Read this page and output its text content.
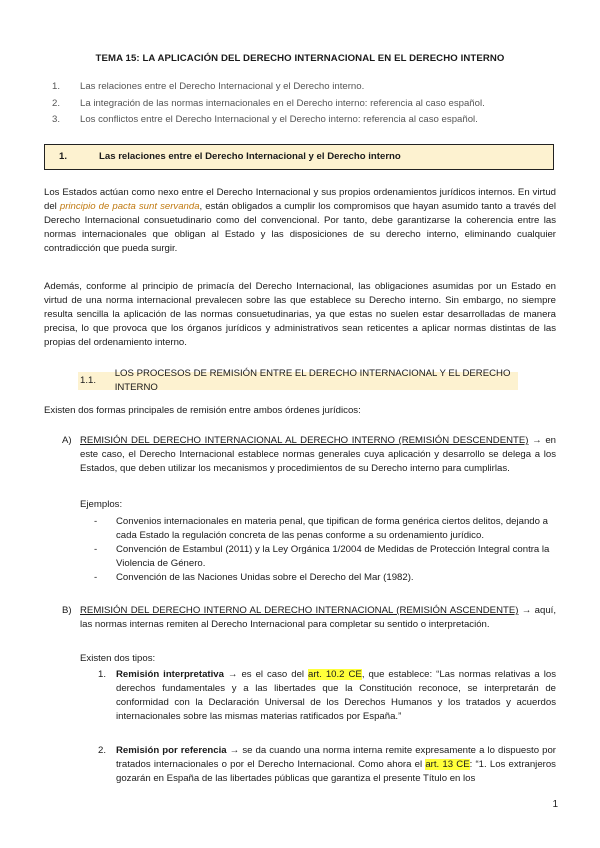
TEMA 15: LA APLICACIÓN DEL DERECHO INTERNACIONAL EN EL DERECHO INTERNO
1.	Las relaciones entre el Derecho Internacional y el Derecho interno.
2.	La integración de las normas internacionales en el Derecho interno: referencia al caso español.
3.	Los conflictos entre el Derecho Internacional y el Derecho interno: referencia al caso español.
1.	Las relaciones entre el Derecho Internacional y el Derecho interno
Los Estados actúan como nexo entre el Derecho Internacional y sus propios ordenamientos jurídicos internos. En virtud del principio de pacta sunt servanda, están obligados a cumplir los compromisos que hayan asumido tanto a través del Derecho Internacional consuetudinario como del convencional. Por tanto, debe garantizarse la coherencia entre las normas internacionales que obligan al Estado y las disposiciones de su derecho interno, eliminando cualquier contradicción que pueda surgir.
Además, conforme al principio de primacía del Derecho Internacional, las obligaciones asumidas por un Estado en virtud de una norma internacional prevalecen sobre las que establece su Derecho interno. Sin embargo, no siempre resulta sencilla la aplicación de las normas consuetudinarias, ya que estas no suelen estar desarrolladas de manera precisa, lo que provoca que los órganos jurídicos y administrativos sean reticentes a aplicar normas distintas de las propias del ordenamiento interno.
1.1.
LOS PROCESOS DE REMISIÓN ENTRE EL DERECHO INTERNACIONAL Y EL DERECHO INTERNO
Existen dos formas principales de remisión entre ambos órdenes jurídicos:
A) REMISIÓN DEL DERECHO INTERNACIONAL AL DERECHO INTERNO (REMISIÓN DESCENDENTE) → en este caso, el Derecho Internacional establece normas generales cuya aplicación y desarrollo se delega a los Estados, que deben utilizar los mecanismos y procedimientos de su Derecho interno para cumplirlas.
Ejemplos:
-	Convenios internacionales en materia penal, que tipifican de forma genérica ciertos delitos, dejando a cada Estado la regulación concreta de las penas conforme a su ordenamiento jurídico.
-	Convención de Estambul (2011) y la Ley Orgánica 1/2004 de Medidas de Protección Integral contra la Violencia de Género.
-	Convención de las Naciones Unidas sobre el Derecho del Mar (1982).
B) REMISIÓN DEL DERECHO INTERNO AL DERECHO INTERNACIONAL (REMISIÓN ASCENDENTE) → aquí, las normas internas remiten al Derecho Internacional para completar su sentido o interpretación.
Existen dos tipos:
1.	Remisión interpretativa → es el caso del art. 10.2 CE, que establece: “Las normas relativas a los derechos fundamentales y a las libertades que la Constitución reconoce, se interpretarán de conformidad con la Declaración Universal de los Derechos Humanos y los tratados y acuerdos internacionales sobre las mismas materias ratificados por España.”
2.	Remisión por referencia → se da cuando una norma interna remite expresamente a lo dispuesto por tratados internacionales o por el Derecho Internacional. Como ahora el art. 13 CE: “1. Los extranjeros gozarán en España de las libertades públicas que garantiza el presente Título en los
1
